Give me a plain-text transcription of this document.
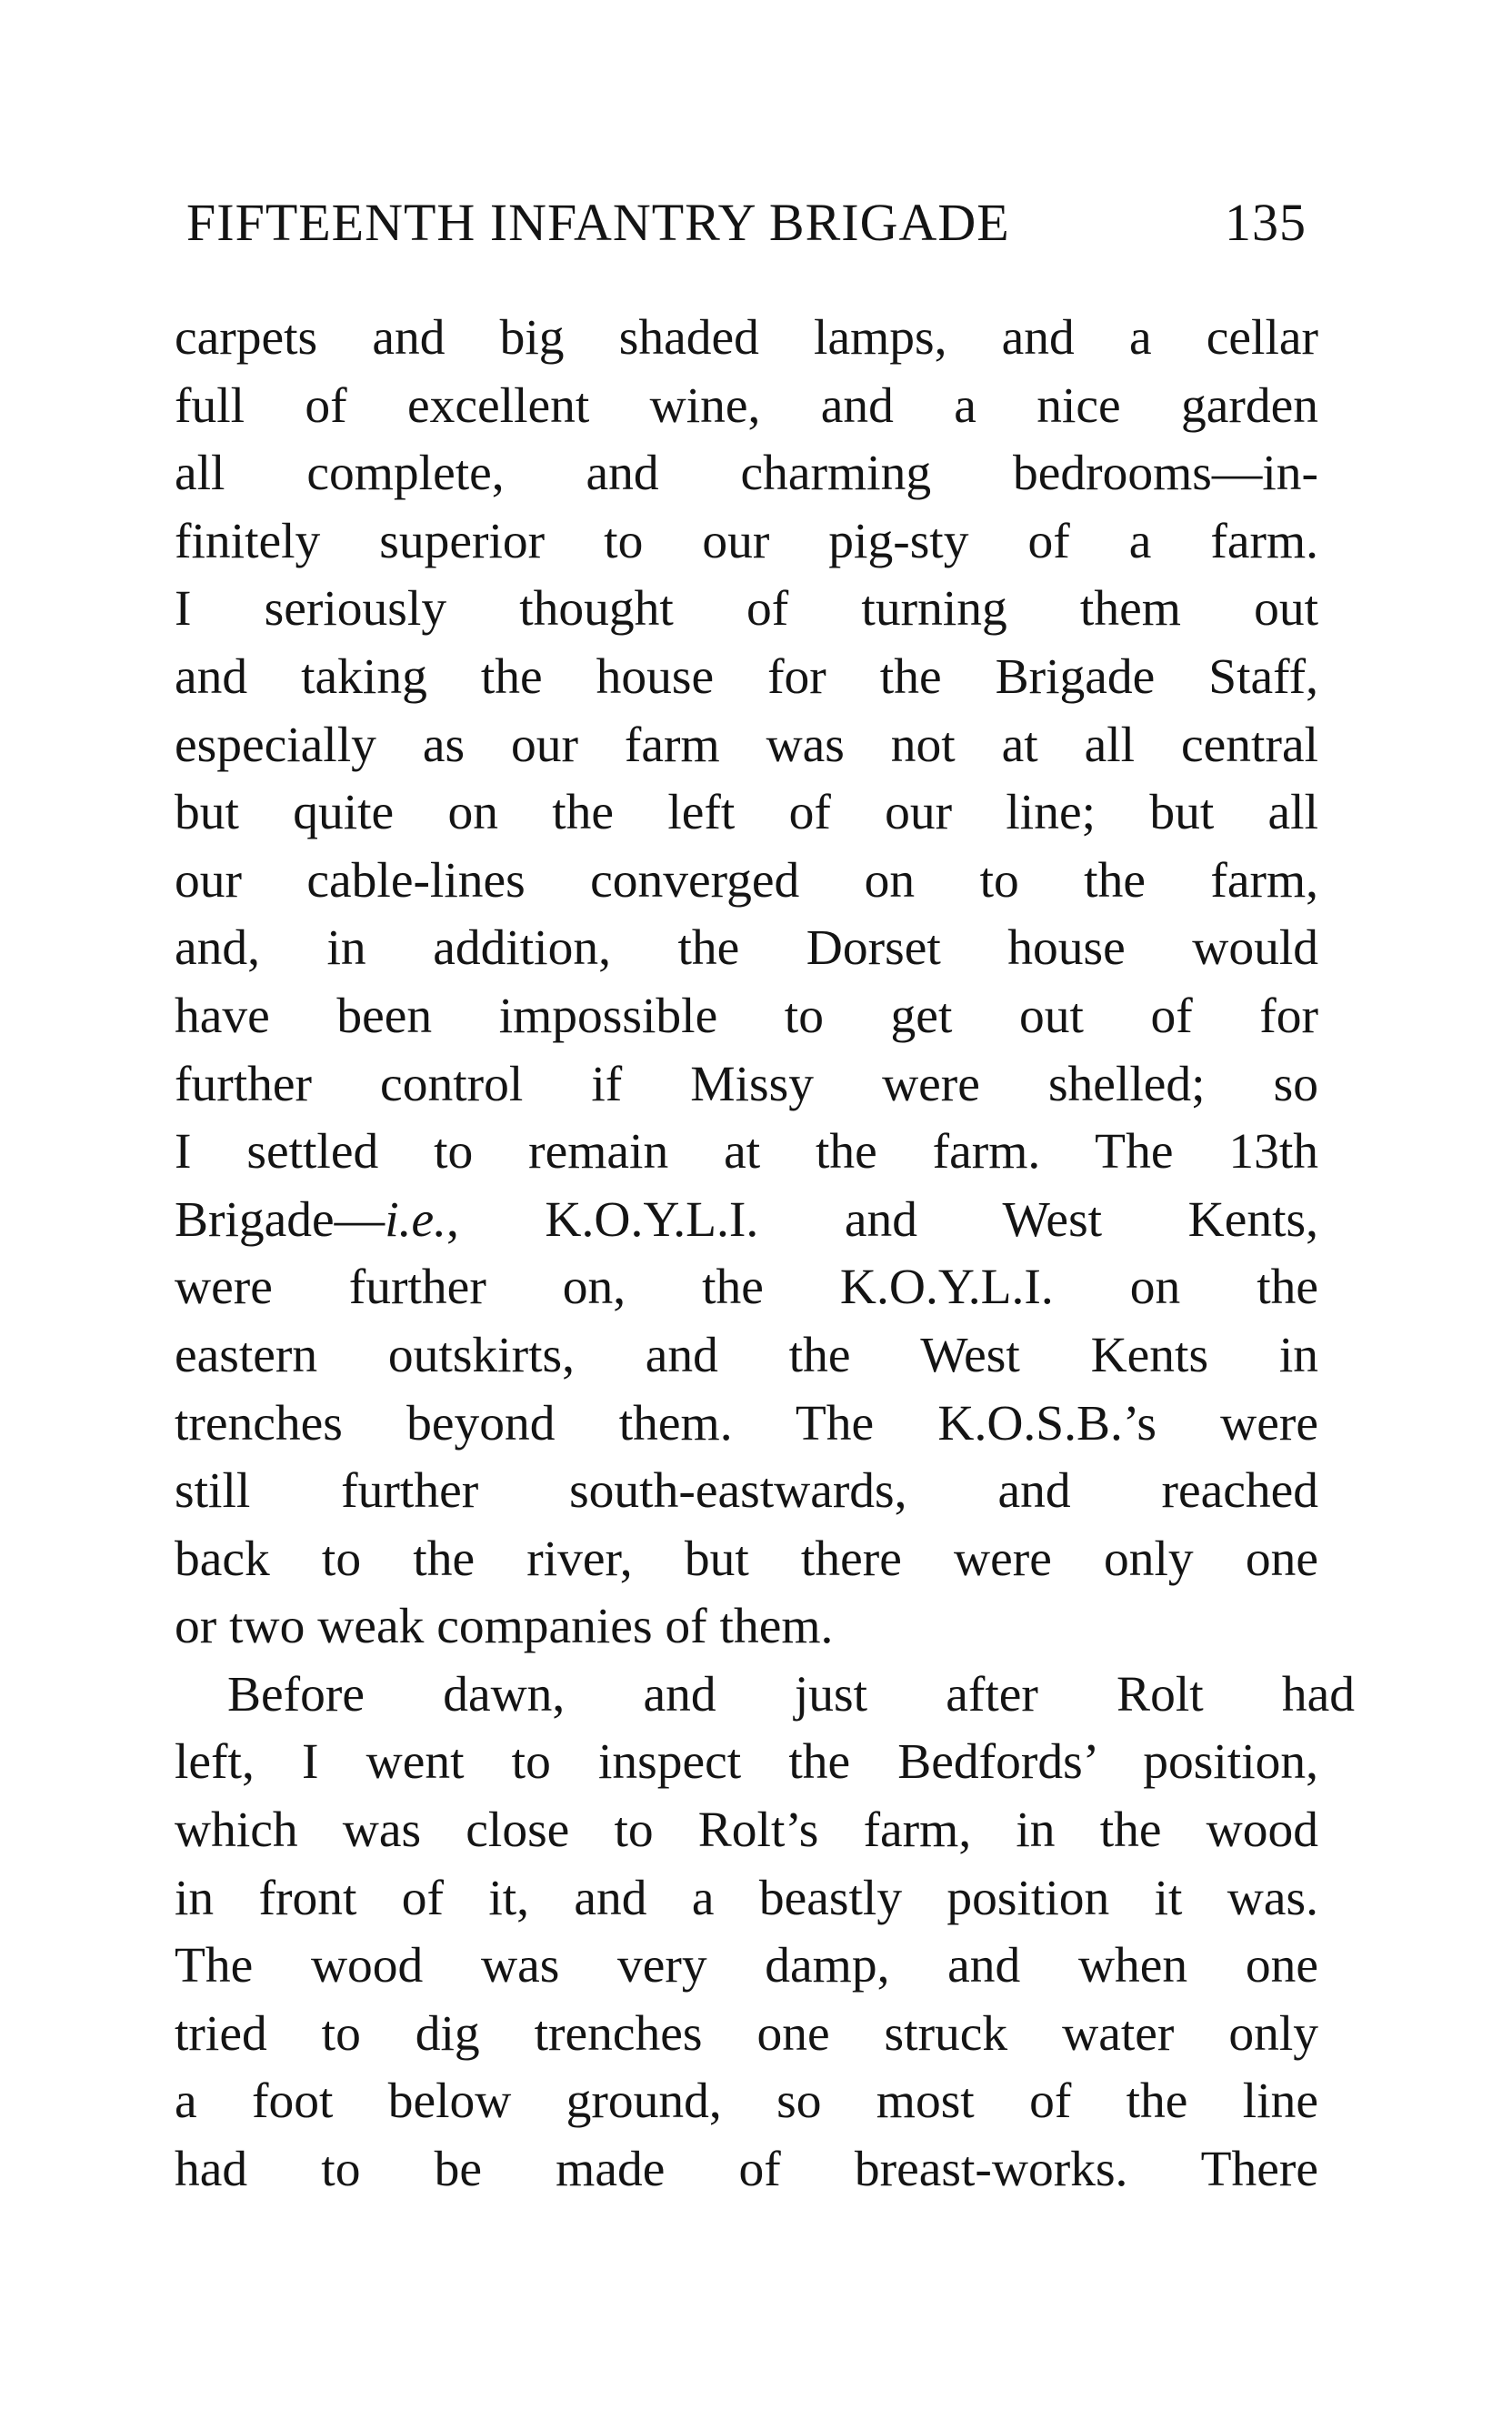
FIFTEENTH INFANTRY BRIGADE	135
carpets and big shaded lamps, and a cellar
full of excellent wine, and a nice garden
all complete, and charming bedrooms—in-
finitely superior to our pig-sty of a farm.
I seriously thought of turning them out
and taking the house for the Brigade Staff,
especially as our farm was not at all central
but quite on the left of our line; but all
our cable-lines converged on to the farm,
and, in addition, the Dorset house would
have been impossible to get out of for
further control if Missy were shelled; so
I settled to remain at the farm. The 13th
Brigade—i.e., K.O.Y.L.I. and West Kents,
were further on, the K.O.Y.L.I. on the
eastern outskirts, and the West Kents in
trenches beyond them. The K.O.S.B.’s were
still further south-eastwards, and reached
back to the river, but there were only one
or two weak companies of them.
Before dawn, and just after Rolt had
left, I went to inspect the Bedfords’ position,
which was close to Rolt’s farm, in the wood
in front of it, and a beastly position it was.
The wood was very damp, and when one
tried to dig trenches one struck water only
a foot below ground, so most of the line
had to be made of breast-works. There
